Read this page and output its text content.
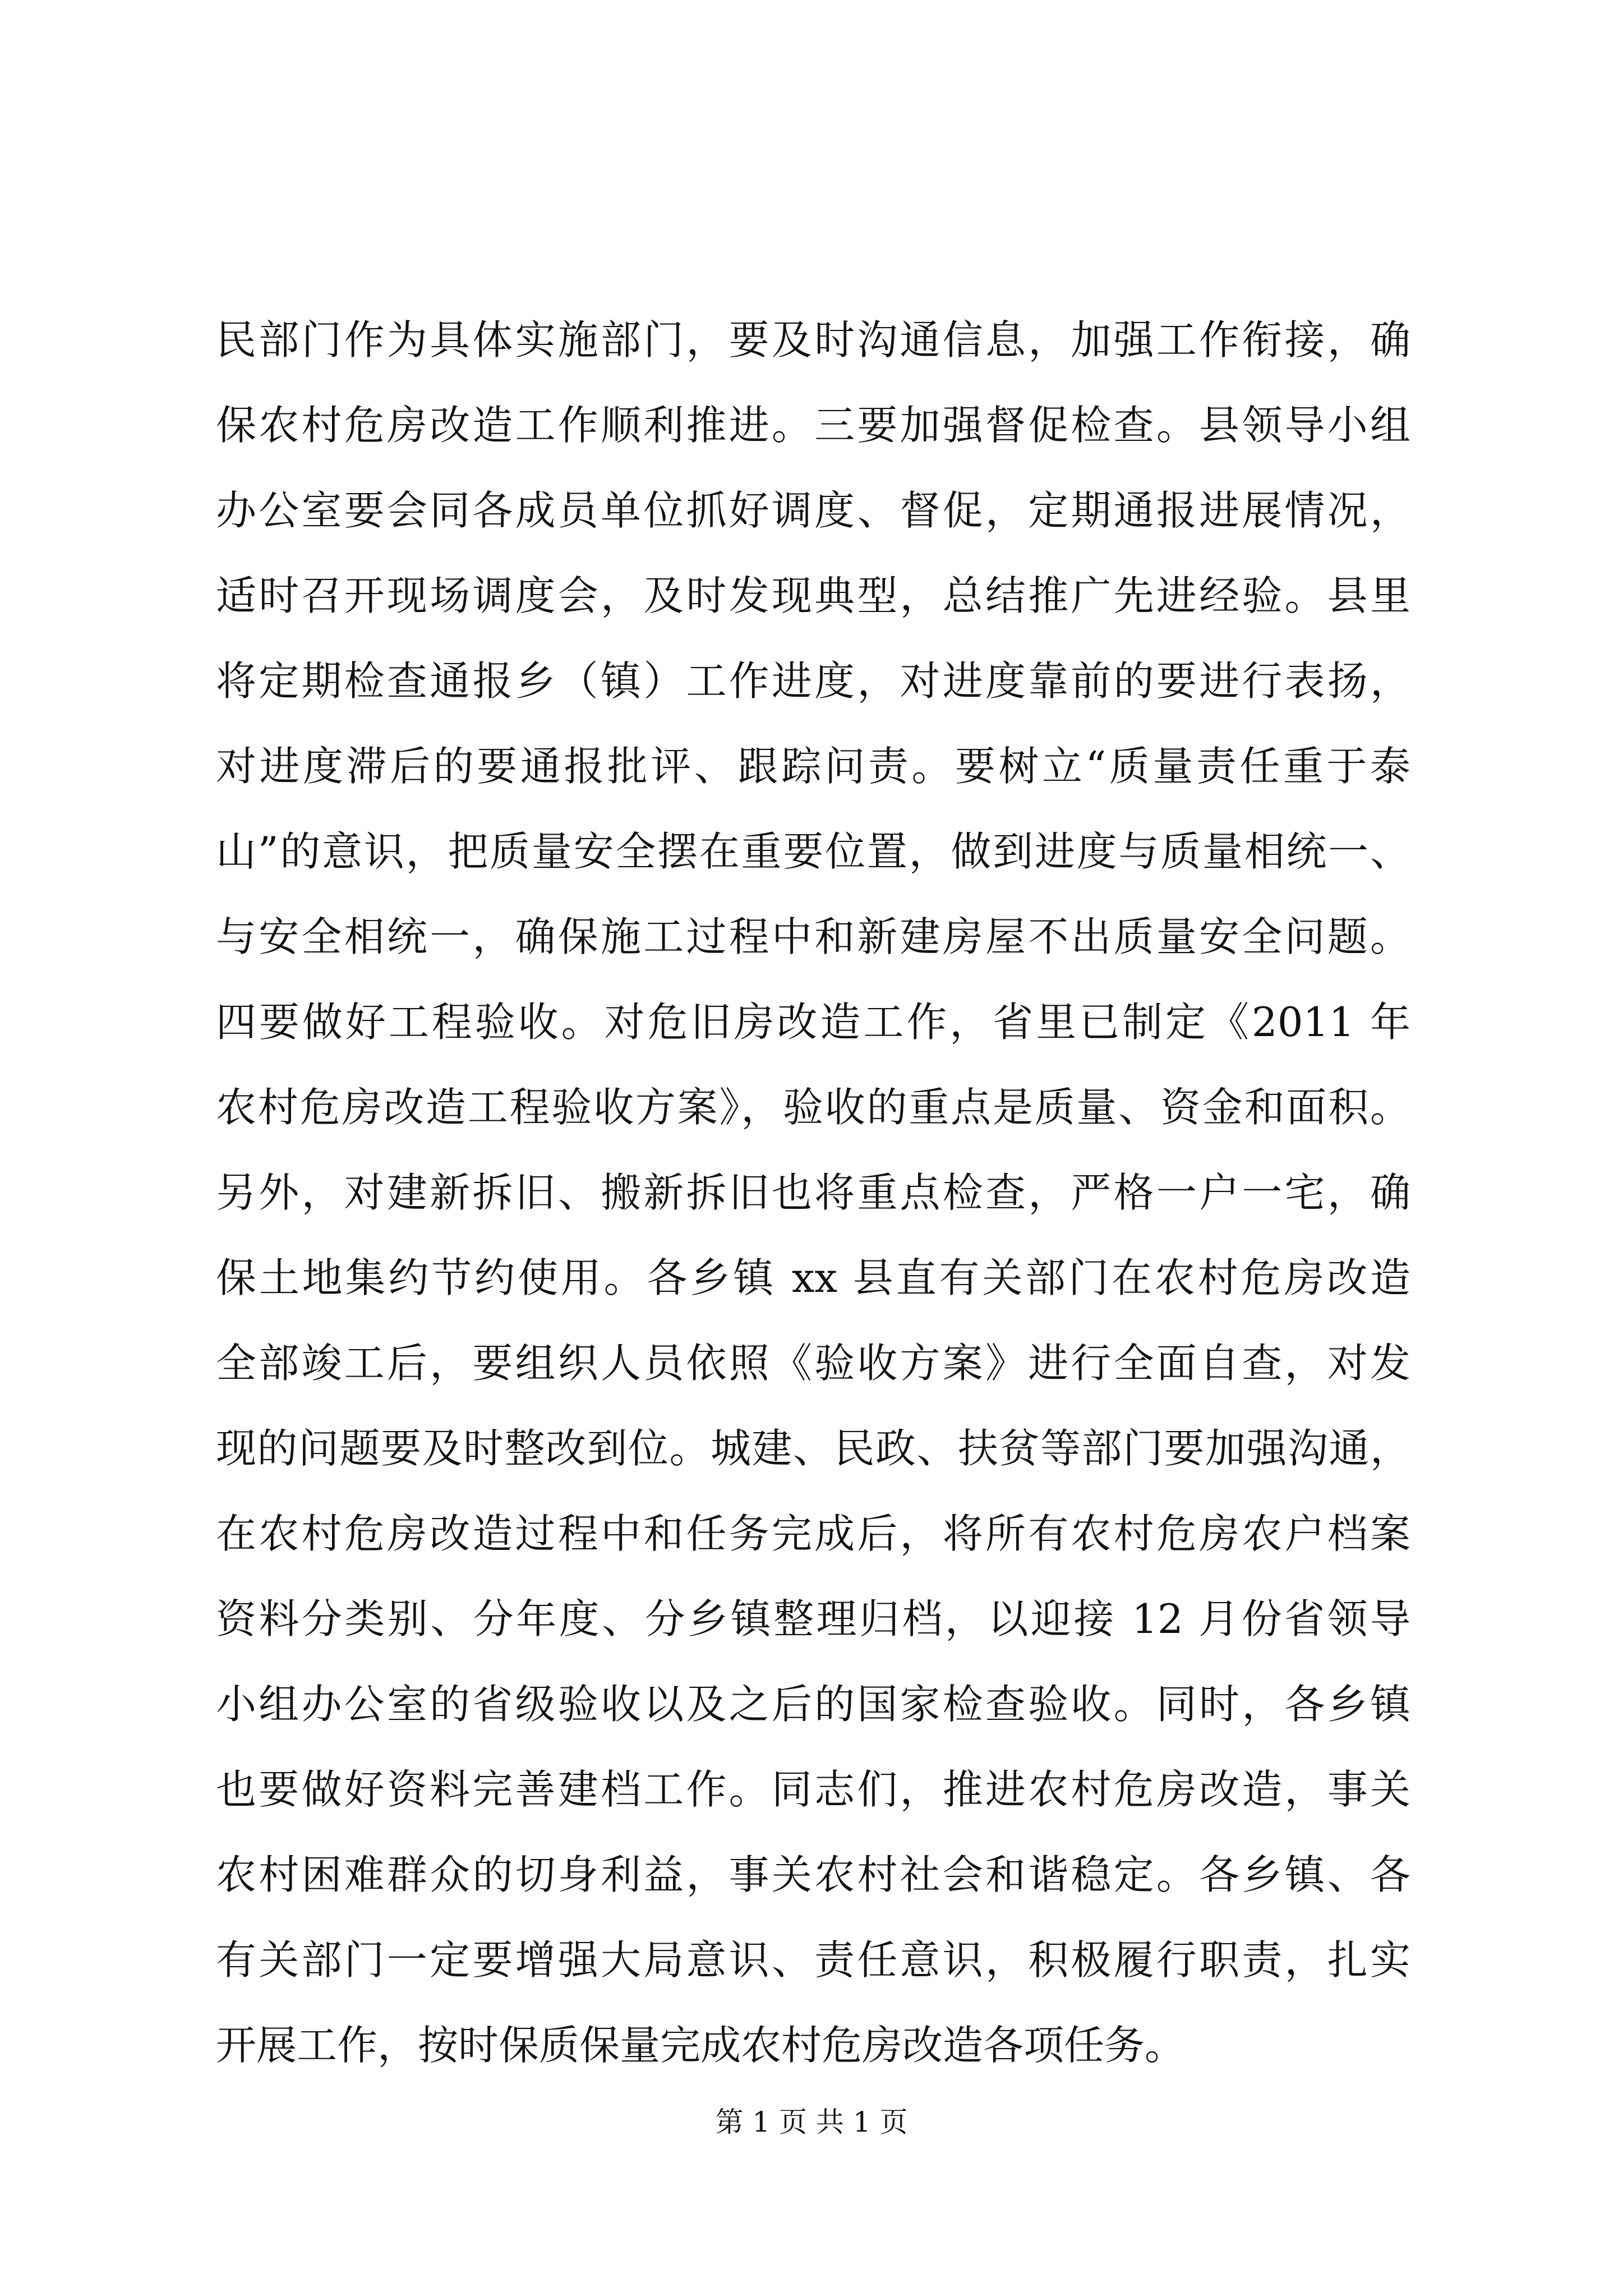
民部门作为具体实施部门，要及时沟通信息，加强工作衔接，确
保农村危房改造工作顺利推进。三要加强督促检查。县领导小组
办公室要会同各成员单位抓好调度、督促，定期通报进展情况，
适时召开现场调度会，及时发现典型，总结推广先进经验。县里
将定期检查通报乡（镇）工作进度，对进度靠前的要进行表扬，
对进度滞后的要通报批评、跟踪问责。要树立“质量责任重于泰
山”的意识，把质量安全摆在重要位置，做到进度与质量相统一、
与安全相统一，确保施工过程中和新建房屋不出质量安全问题。
四要做好工程验收。对危旧房改造工作，省里已制定《2011 年
农村危房改造工程验收方案》，验收的重点是质量、资金和面积。
另外，对建新拆旧、搬新拆旧也将重点检查，严格一户一宅，确
保土地集约节约使用。各乡镇 xx 县直有关部门在农村危房改造
全部竣工后，要组织人员依照《验收方案》进行全面自查，对发
现的问题要及时整改到位。城建、民政、扶贫等部门要加强沟通，
在农村危房改造过程中和任务完成后，将所有农村危房农户档案
资料分类别、分年度、分乡镇整理归档，以迎接 12 月份省领导
小组办公室的省级验收以及之后的国家检查验收。同时，各乡镇
也要做好资料完善建档工作。同志们，推进农村危房改造，事关
农村困难群众的切身利益，事关农村社会和谐稳定。各乡镇、各
有关部门一定要增强大局意识、责任意识，积极履行职责，扎实
开展工作，按时保质保量完成农村危房改造各项任务。
第 1 页 共 1 页
